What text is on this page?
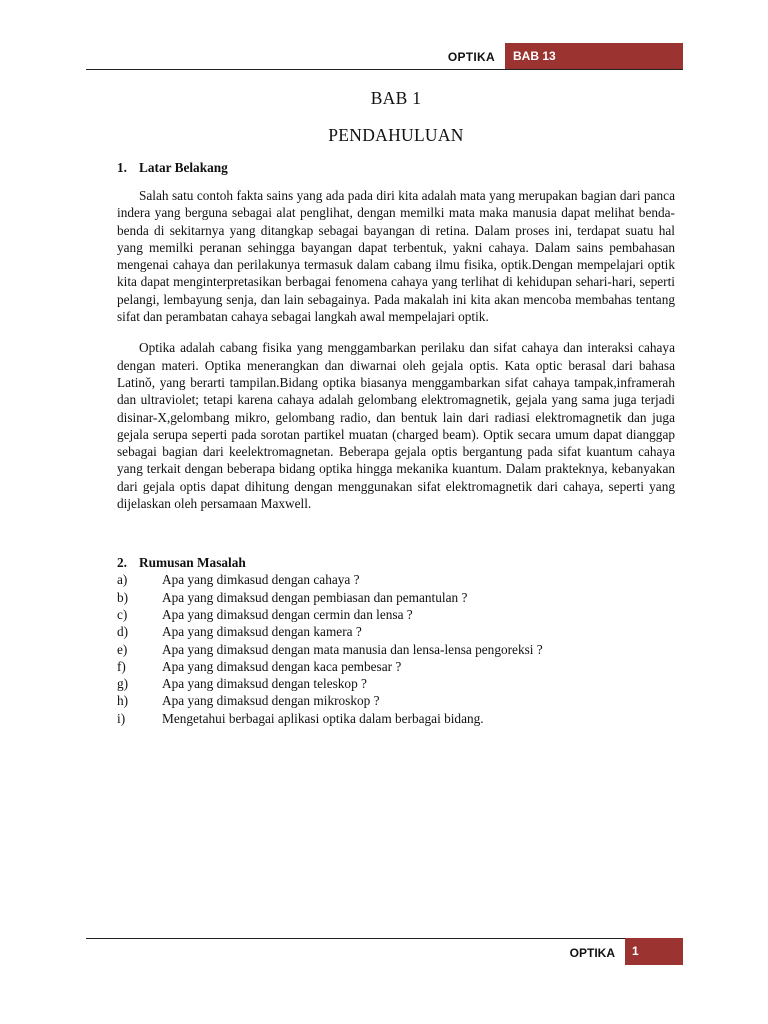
OPTIKA	BAB 13
BAB 1
PENDAHULUAN
1. Latar Belakang

Salah satu contoh fakta sains yang ada pada diri kita adalah mata yang merupakan bagian dari panca indera yang berguna sebagai alat penglihat, dengan memilki mata maka manusia dapat melihat benda-benda di sekitarnya yang ditangkap sebagai bayangan di retina. Dalam proses ini, terdapat suatu hal yang memilki peranan sehingga bayangan dapat terbentuk, yakni cahaya. Dalam sains pembahasan mengenai cahaya dan perilakunya termasuk dalam cabang ilmu fisika, optik.Dengan mempelajari optik kita dapat menginterpretasikan berbagai fenomena cahaya yang terlihat di kehidupan sehari-hari, seperti pelangi, lembayung senja, dan lain sebagainya. Pada makalah ini kita akan mencoba membahas tentang sifat dan perambatan cahaya sebagai langkah awal mempelajari optik.

Optika adalah cabang fisika yang menggambarkan perilaku dan sifat cahaya dan interaksi cahaya dengan materi. Optika menerangkan dan diwarnai oleh gejala optis. Kata optic berasal dari bahasa Latinǒ, yang berarti tampilan.Bidang optika biasanya menggambarkan sifat cahaya tampak,inframerah dan ultraviolet; tetapi karena cahaya adalah gelombang elektromagnetik, gejala yang sama juga terjadi disinar-X,gelombang mikro, gelombang radio, dan bentuk lain dari radiasi elektromagnetik dan juga gejala serupa seperti pada sorotan partikel muatan (charged beam). Optik secara umum dapat dianggap sebagai bagian dari keelektromagnetan. Beberapa gejala optis bergantung pada sifat kuantum cahaya yang terkait dengan beberapa bidang optika hingga mekanika kuantum. Dalam prakteknya, kebanyakan dari gejala optis dapat dihitung dengan menggunakan sifat elektromagnetik dari cahaya, seperti yang dijelaskan oleh persamaan Maxwell.

2. Rumusan Masalah
a)	Apa yang dimkasud dengan cahaya ?
b)	Apa yang dimaksud dengan pembiasan dan pemantulan ?
c)	Apa yang dimaksud dengan cermin dan lensa ?
d)	Apa yang dimaksud dengan kamera ?
e)	Apa yang dimaksud dengan mata manusia dan lensa-lensa pengoreksi ?
f)	Apa yang dimaksud dengan kaca pembesar ?
g)	Apa yang dimaksud dengan teleskop ?
h)	Apa yang dimaksud dengan mikroskop ?
i)	Mengetahui berbagai aplikasi optika dalam berbagai bidang.
OPTIKA	1
